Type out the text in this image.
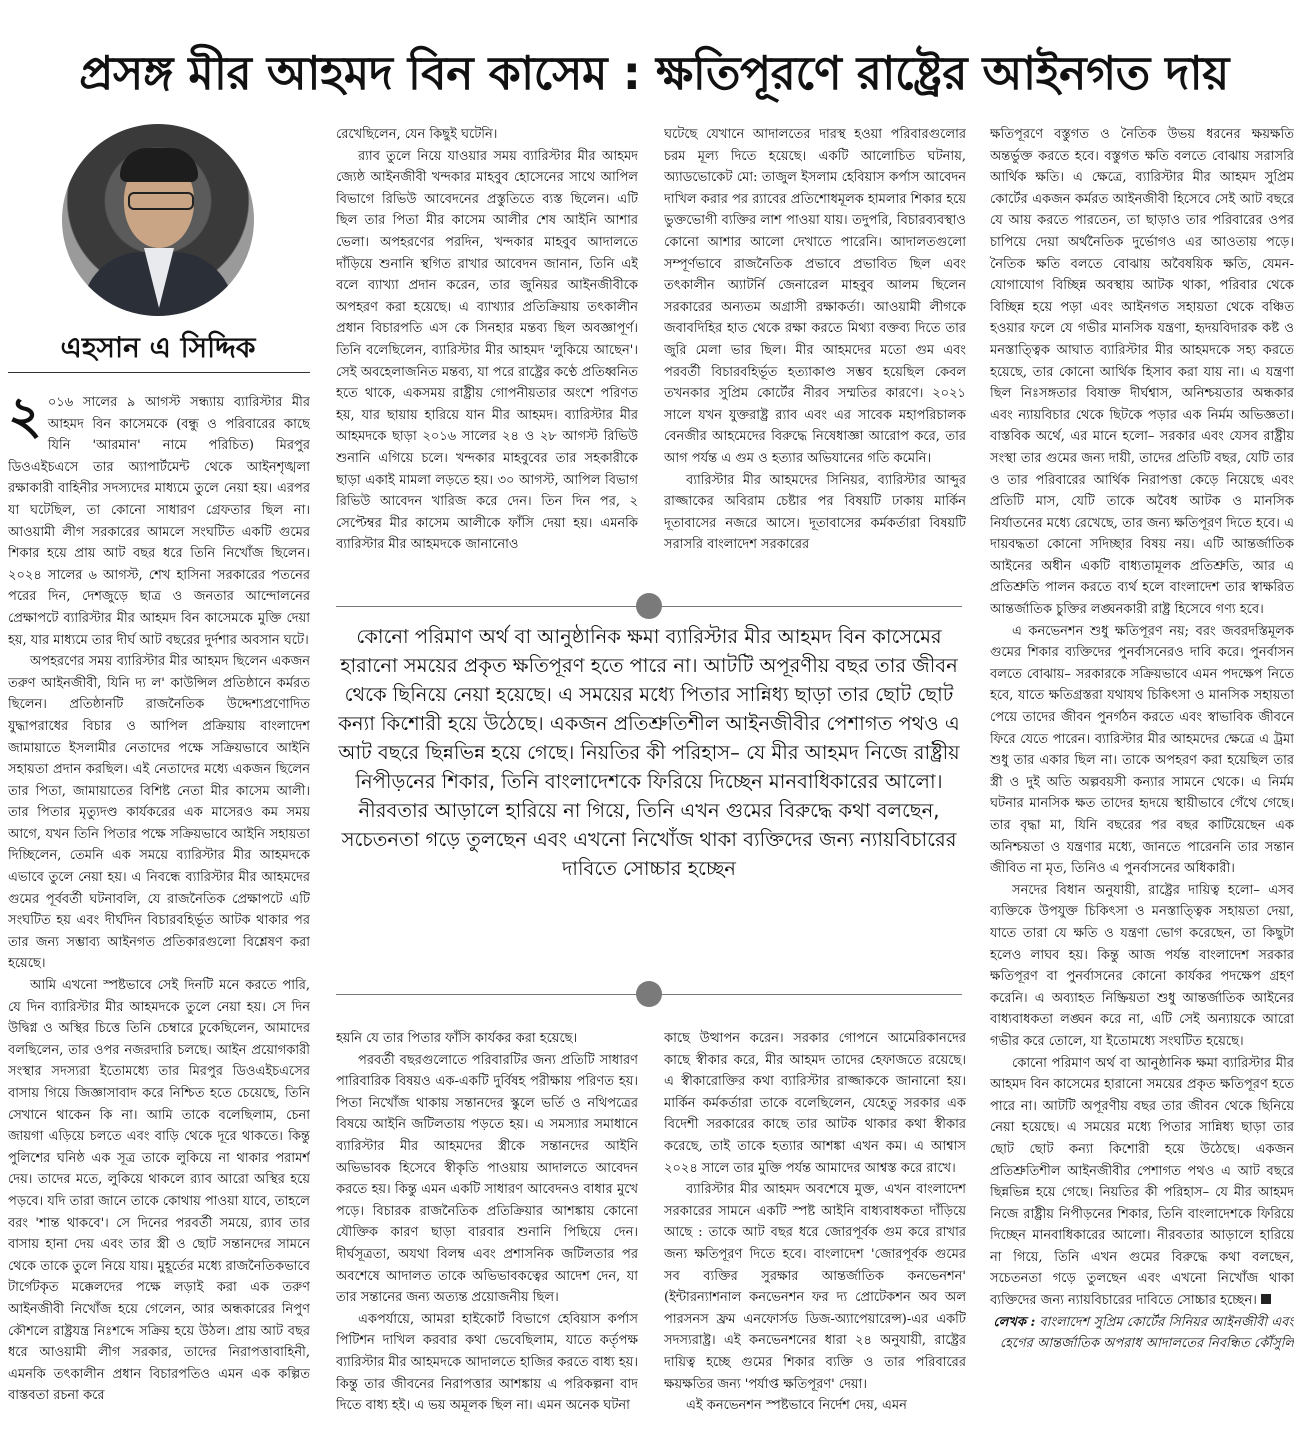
প্রসঙ্গ মীর আহমদ বিন কাসেম : ক্ষতিপূরণে রাষ্ট্রের আইনগত দায়
এহসান এ সিদ্দিক

২ ০১৬ সালের ৯ আগস্ট সন্ধ্যায় ব্যারিস্টার মীর আহমদ বিন কাসেমকে (বন্ধু ও পরিবারের কাছে যিনি 'আরমান' নামে পরিচিত) মিরপুর ডিওএইচএসে তার অ্যাপার্টমেন্ট থেকে আইনশৃঙ্খলা রক্ষাকারী বাহিনীর সদস্যদের মাধ্যমে তুলে নেয়া হয়। এরপর যা ঘটেছিল, তা কোনো সাধারণ গ্রেফতার ছিল না। আওয়ামী লীগ সরকারের আমলে সংঘটিত একটি গুমের শিকার হয়ে প্রায় আট বছর ধরে তিনি নিখোঁজ ছিলেন। ২০২৪ সালের ৬ আগস্ট, শেখ হাসিনা সরকারের পতনের পরের দিন, দেশজুড়ে ছাত্র ও জনতার আন্দোলনের প্রেক্ষাপটে ব্যারিস্টার মীর আহমদ বিন কাসেমকে মুক্তি দেয়া হয়, যার মাধ্যমে তার দীর্ঘ আট বছরের দুর্দশার অবসান ঘটে।

অপহরণের সময় ব্যারিস্টার মীর আহমদ ছিলেন একজন তরুণ আইনজীবী, যিনি দ্য ল' কাউন্সিল প্রতিষ্ঠানে কর্মরত ছিলেন। প্রতিষ্ঠানটি রাজনৈতিক উদ্দেশ্যপ্রণোদিত যুদ্ধাপরাধের বিচার ও আপিল প্রক্রিয়ায় বাংলাদেশ জামায়াতে ইসলামীর নেতাদের পক্ষে সক্রিয়ভাবে আইনি সহায়তা প্রদান করছিল। এই নেতাদের মধ্যে একজন ছিলেন তার পিতা, জামায়াতের বিশিষ্ট নেতা মীর কাসেম আলী। তার পিতার মৃত্যুদণ্ড কার্যকরের এক মাসেরও কম সময় আগে, যখন তিনি পিতার পক্ষে সক্রিয়ভাবে আইনি সহায়তা দিচ্ছিলেন, তেমনি এক সময়ে ব্যারিস্টার মীর আহমদকে এভাবে তুলে নেয়া হয়। এ নিবন্ধে ব্যারিস্টার মীর আহমদের গুমের পূর্ববর্তী ঘটনাবলি, যে রাজনৈতিক প্রেক্ষাপটে এটি সংঘটিত হয় এবং দীর্ঘদিন বিচারবহির্ভূত আটক থাকার পর তার জন্য সম্ভাব্য আইনগত প্রতিকারগুলো বিশ্লেষণ করা হয়েছে।

আমি এখনো স্পষ্টভাবে সেই দিনটি মনে করতে পারি, যে দিন ব্যারিস্টার মীর আহমদকে তুলে নেয়া হয়। সে দিন উদ্বিগ্ন ও অস্থির চিত্তে তিনি চেম্বারে ঢুকেছিলেন, আমাদের বলছিলেন, তার ওপর নজরদারি চলছে। আইন প্রয়োগকারী সংস্থার সদস্যরা ইতোমধ্যে তার মিরপুর ডিওএইচএসের বাসায় গিয়ে জিজ্ঞাসাবাদ করে নিশ্চিত হতে চেয়েছে, তিনি সেখানে থাকেন কি না। আমি তাকে বলেছিলাম, চেনা জায়গা এড়িয়ে চলতে এবং বাড়ি থেকে দূরে থাকতে। কিন্তু পুলিশের ঘনিষ্ঠ এক সূত্র তাকে লুকিয়ে না থাকার পরামর্শ দেয়। তাদের মতে, লুকিয়ে থাকলে র‍্যাব আরো অস্থির হয়ে পড়বে। যদি তারা জানে তাকে কোথায় পাওয়া যাবে, তাহলে বরং 'শান্ত থাকবে'। সে দিনের পরবর্তী সময়ে, র‍্যাব তার বাসায় হানা দেয় এবং তার স্ত্রী ও ছোট সন্তানদের সামনে থেকে তাকে তুলে নিয়ে যায়। মুহূর্তের মধ্যে রাজনৈতিকভাবে টার্গেটকৃত মক্কেলদের পক্ষে লড়াই করা এক তরুণ আইনজীবী নিখোঁজ হয়ে গেলেন, আর অন্ধকারের নিপুণ কৌশলে রাষ্ট্রযন্ত্র নিঃশব্দে সক্রিয় হয়ে উঠল। প্রায় আট বছর ধরে আওয়ামী লীগ সরকার, তাদের নিরাপত্তাবাহিনী, এমনকি তৎকালীন প্রধান বিচারপতিও এমন এক কল্পিত বাস্তবতা রচনা করে

রেখেছিলেন, যেন কিছুই ঘটেনি।

র‍্যাব তুলে নিয়ে যাওয়ার সময় ব্যারিস্টার মীর আহমদ জ্যেষ্ঠ আইনজীবী খন্দকার মাহবুব হোসেনের সাথে আপিল বিভাগে রিভিউ আবেদনের প্রস্তুতিতে ব্যস্ত ছিলেন। এটি ছিল তার পিতা মীর কাসেম আলীর শেষ আইনি আশার ভেলা। অপহরণের পরদিন, খন্দকার মাহবুব আদালতে দাঁড়িয়ে শুনানি স্থগিত রাখার আবেদন জানান, তিনি এই বলে ব্যাখ্যা প্রদান করেন, তার জুনিয়র আইনজীবীকে অপহরণ করা হয়েছে। এ ব্যাখ্যার প্রতিক্রিয়ায় তৎকালীন প্রধান বিচারপতি এস কে সিনহার মন্তব্য ছিল অবজ্ঞাপূর্ণ। তিনি বলেছিলেন, ব্যারিস্টার মীর আহমদ 'লুকিয়ে আছেন'। সেই অবহেলাজনিত মন্তব্য, যা পরে রাষ্ট্রের কণ্ঠে প্রতিধ্বনিত হতে থাকে, একসময় রাষ্ট্রীয় গোপনীয়তার অংশে পরিণত হয়, যার ছায়ায় হারিয়ে যান মীর আহমদ। ব্যারিস্টার মীর আহমদকে ছাড়া ২০১৬ সালের ২৪ ও ২৮ আগস্ট রিভিউ শুনানি এগিয়ে চলে। খন্দকার মাহবুবের তার সহকারীকে ছাড়া একাই মামলা লড়তে হয়। ৩০ আগস্ট, আপিল বিভাগ রিভিউ আবেদন খারিজ করে দেন। তিন দিন পর, ২ সেপ্টেম্বর মীর কাসেম আলীকে ফাঁসি দেয়া হয়। এমনকি ব্যারিস্টার মীর আহমদকে জানানোও

ঘটেছে যেখানে আদালতের দারস্থ হওয়া পরিবারগুলোর চরম মূল্য দিতে হয়েছে। একটি আলোচিত ঘটনায়, অ্যাডভোকেট মো: তাজুল ইসলাম হেবিয়াস কর্পাস আবেদন দাখিল করার পর র‍্যাবের প্রতিশোধমূলক হামলার শিকার হয়ে ভুক্তভোগী ব্যক্তির লাশ পাওয়া যায়। তদুপরি, বিচারব্যবস্থাও কোনো আশার আলো দেখাতে পারেনি। আদালতগুলো সম্পূর্ণভাবে রাজনৈতিক প্রভাবে প্রভাবিত ছিল এবং তৎকালীন অ্যাটর্নি জেনারেল মাহবুব আলম ছিলেন সরকারের অন্যতম অগ্রাসী রক্ষাকর্তা। আওয়ামী লীগকে জবাবদিহির হাত থেকে রক্ষা করতে মিথ্যা বক্তব্য দিতে তার জুরি মেলা ভার ছিল। মীর আহমদের মতো গুম এবং পরবর্তী বিচারবহির্ভূত হত্যাকাণ্ড সম্ভব হয়েছিল কেবল তখনকার সুপ্রিম কোর্টের নীরব সম্মতির কারণে। ২০২১ সালে যখন যুক্তরাষ্ট্র র‍্যাব এবং এর সাবেক মহাপরিচালক বেনজীর আহমেদের বিরুদ্ধে নিষেধাজ্ঞা আরোপ করে, তার আগ পর্যন্ত এ গুম ও হত্যার অভিযানের গতি কমেনি।

ব্যারিস্টার মীর আহমদের সিনিয়র, ব্যারিস্টার আব্দুর রাজ্জাকের অবিরাম চেষ্টার পর বিষয়টি ঢাকায় মার্কিন দূতাবাসের নজরে আসে। দূতাবাসের কর্মকর্তারা বিষয়টি সরাসরি বাংলাদেশ সরকারের

কোনো পরিমাণ অর্থ বা আনুষ্ঠানিক ক্ষমা ব্যারিস্টার মীর আহমদ বিন কাসেমের হারানো সময়ের প্রকৃত ক্ষতিপূরণ হতে পারে না। আটটি অপূরণীয় বছর তার জীবন থেকে ছিনিয়ে নেয়া হয়েছে। এ সময়ের মধ্যে পিতার সান্নিধ্য ছাড়া তার ছোট ছোট কন্যা কিশোরী হয়ে উঠেছে। একজন প্রতিশ্রুতিশীল আইনজীবীর পেশাগত পথও এ আট বছরে ছিন্নভিন্ন হয়ে গেছে। নিয়তির কী পরিহাস– যে মীর আহমদ নিজে রাষ্ট্রীয় নিপীড়নের শিকার, তিনি বাংলাদেশকে ফিরিয়ে দিচ্ছেন মানবাধিকারের আলো। নীরবতার আড়ালে হারিয়ে না গিয়ে, তিনি এখন গুমের বিরুদ্ধে কথা বলছেন, সচেতনতা গড়ে তুলছেন এবং এখনো নিখোঁজ থাকা ব্যক্তিদের জন্য ন্যায়বিচারের দাবিতে সোচ্চার হচ্ছেন

হয়নি যে তার পিতার ফাঁসি কার্যকর করা হয়েছে।

পরবর্তী বছরগুলোতে পরিবারটির জন্য প্রতিটি সাধারণ পারিবারিক বিষয়ও এক-একটি দুর্বিষহ পরীক্ষায় পরিণত হয়। পিতা নিখোঁজ থাকায় সন্তানদের স্কুলে ভর্তি ও নথিপত্রের বিষয়ে আইনি জটিলতায় পড়তে হয়। এ সমস্যার সমাধানে ব্যারিস্টার মীর আহমদের স্ত্রীকে সন্তানদের আইনি অভিভাবক হিসেবে স্বীকৃতি পাওয়ায় আদালতে আবেদন করতে হয়। কিন্তু এমন একটি সাধারণ আবেদনও বাধার মুখে পড়ে। বিচারক রাজনৈতিক প্রতিক্রিয়ার আশঙ্কায় কোনো যৌক্তিক কারণ ছাড়া বারবার শুনানি পিছিয়ে দেন। দীর্ঘসূত্রতা, অযথা বিলম্ব এবং প্রশাসনিক জটিলতার পর অবশেষে আদালত তাকে অভিভাবকত্বের আদেশ দেন, যা তার সন্তানের জন্য অত্যন্ত প্রয়োজনীয় ছিল।

একপর্যায়ে, আমরা হাইকোর্ট বিভাগে হেবিয়াস কর্পাস পিটিশন দাখিল করবার কথা ভেবেছিলাম, যাতে কর্তৃপক্ষ ব্যারিস্টার মীর আহমদকে আদালতে হাজির করতে বাধ্য হয়। কিন্তু তার জীবনের নিরাপত্তার আশঙ্কায় এ পরিকল্পনা বাদ দিতে বাধ্য হই। এ ভয় অমূলক ছিল না। এমন অনেক ঘটনা

কাছে উত্থাপন করেন। সরকার গোপনে আমেরিকানদের কাছে স্বীকার করে, মীর আহমদ তাদের হেফাজতে রয়েছে। এ স্বীকারোক্তির কথা ব্যারিস্টার রাজ্জাককে জানানো হয়। মার্কিন কর্মকর্তারা তাকে বলেছিলেন, যেহেতু সরকার এক বিদেশী সরকারের কাছে তার আটক থাকার কথা স্বীকার করেছে, তাই তাকে হত্যার আশঙ্কা এখন কম। এ আশ্বাস ২০২৪ সালে তার মুক্তি পর্যন্ত আমাদের আশ্বস্ত করে রাখে।

ব্যারিস্টার মীর আহমদ অবশেষে মুক্ত, এখন বাংলাদেশ সরকারের সামনে একটি স্পষ্ট আইনি বাধ্যবাধকতা দাঁড়িয়ে আছে : তাকে আট বছর ধরে জোরপূর্বক গুম করে রাখার জন্য ক্ষতিপূরণ দিতে হবে। বাংলাদেশ 'জোরপূর্বক গুমের সব ব্যক্তির সুরক্ষার আন্তর্জাতিক কনভেনশন' (ইন্টারন্যাশনাল কনভেনশন ফর দ্য প্রোটেকশন অব অল পারসনস ফ্রম এনফোর্সড ডিজ-অ্যাপেয়ারেন্স)-এর একটি সদস্যরাষ্ট্র। এই কনভেনশনের ধারা ২৪ অনুযায়ী, রাষ্ট্রের দায়িত্ব হচ্ছে গুমের শিকার ব্যক্তি ও তার পরিবারের ক্ষয়ক্ষতির জন্য 'পর্যাপ্ত ক্ষতিপূরণ' দেয়া।

এই কনভেনশন স্পষ্টভাবে নির্দেশ দেয়, এমন

ক্ষতিপূরণে বস্তুগত ও নৈতিক উভয় ধরনের ক্ষয়ক্ষতি অন্তর্ভুক্ত করতে হবে। বস্তুগত ক্ষতি বলতে বোঝায় সরাসরি আর্থিক ক্ষতি। এ ক্ষেত্রে, ব্যারিস্টার মীর আহমদ সুপ্রিম কোর্টের একজন কর্মরত আইনজীবী হিসেবে সেই আট বছরে যে আয় করতে পারতেন, তা ছাড়াও তার পরিবারের ওপর চাপিয়ে দেয়া অর্থনৈতিক দুর্ভোগও এর আওতায় পড়ে। নৈতিক ক্ষতি বলতে বোঝায় অবৈষয়িক ক্ষতি, যেমন- যোগাযোগ বিচ্ছিন্ন অবস্থায় আটক থাকা, পরিবার থেকে বিচ্ছিন্ন হয়ে পড়া এবং আইনগত সহায়তা থেকে বঞ্চিত হওয়ার ফলে যে গভীর মানসিক যন্ত্রণা, হৃদয়বিদারক কষ্ট ও মনস্তাত্ত্বিক আঘাত ব্যারিস্টার মীর আহমদকে সহ্য করতে হয়েছে, তার কোনো আর্থিক হিসাব করা যায় না। এ যন্ত্রণা ছিল নিঃসঙ্গতার বিষাক্ত দীর্ঘশ্বাস, অনিশ্চয়তার অন্ধকার এবং ন্যায়বিচার থেকে ছিটকে পড়ার এক নির্মম অভিজ্ঞতা। বাস্তবিক অর্থে, এর মানে হলো– সরকার এবং যেসব রাষ্ট্রীয় সংস্থা তার গুমের জন্য দায়ী, তাদের প্রতিটি বছর, যেটি তার ও তার পরিবারের আর্থিক নিরাপত্তা কেড়ে নিয়েছে এবং প্রতিটি মাস, যেটি তাকে অবৈধ আটক ও মানসিক নির্যাতনের মধ্যে রেখেছে, তার জন্য ক্ষতিপূরণ দিতে হবে। এ দায়বদ্ধতা কোনো সদিচ্ছার বিষয় নয়। এটি আন্তর্জাতিক আইনের অধীন একটি বাধ্যতামূলক প্রতিশ্রুতি, আর এ প্রতিশ্রুতি পালন করতে ব্যর্থ হলে বাংলাদেশ তার স্বাক্ষরিত আন্তর্জাতিক চুক্তির লঙ্ঘনকারী রাষ্ট্র হিসেবে গণ্য হবে।

এ কনভেনশন শুধু ক্ষতিপূরণ নয়; বরং জবরদস্তিমূলক গুমের শিকার ব্যক্তিদের পুনর্বাসনেরও দাবি করে। পুনর্বাসন বলতে বোঝায়– সরকারকে সক্রিয়ভাবে এমন পদক্ষেপ নিতে হবে, যাতে ক্ষতিগ্রস্তরা যথাযথ চিকিৎসা ও মানসিক সহায়তা পেয়ে তাদের জীবন পুনর্গঠন করতে এবং স্বাভাবিক জীবনে ফিরে যেতে পারেন। ব্যারিস্টার মীর আহমদের ক্ষেত্রে এ ট্রমা শুধু তার একার ছিল না। তাকে অপহরণ করা হয়েছিল তার স্ত্রী ও দুই অতি অল্পবয়সী কন্যার সামনে থেকে। এ নির্মম ঘটনার মানসিক ক্ষত তাদের হৃদয়ে স্থায়ীভাবে গেঁথে গেছে। তার বৃদ্ধা মা, যিনি বছরের পর বছর কাটিয়েছেন এক অনিশ্চয়তা ও যন্ত্রণার মধ্যে, জানতে পারেননি তার সন্তান জীবিত না মৃত, তিনিও এ পুনর্বাসনের অধিকারী।

সনদের বিধান অনুযায়ী, রাষ্ট্রের দায়িত্ব হলো– এসব ব্যক্তিকে উপযুক্ত চিকিৎসা ও মনস্তাত্ত্বিক সহায়তা দেয়া, যাতে তারা যে ক্ষতি ও যন্ত্রণা ভোগ করেছেন, তা কিছুটা হলেও লাঘব হয়। কিন্তু আজ পর্যন্ত বাংলাদেশ সরকার ক্ষতিপূরণ বা পুনর্বাসনের কোনো কার্যকর পদক্ষেপ গ্রহণ করেনি। এ অব্যাহত নিষ্ক্রিয়তা শুধু আন্তর্জাতিক আইনের বাধ্যবাধকতা লঙ্ঘন করে না, এটি সেই অন্যায়কে আরো গভীর করে তোলে, যা ইতোমধ্যে সংঘটিত হয়েছে।

কোনো পরিমাণ অর্থ বা আনুষ্ঠানিক ক্ষমা ব্যারিস্টার মীর আহমদ বিন কাসেমের হারানো সময়ের প্রকৃত ক্ষতিপূরণ হতে পারে না। আটটি অপূরণীয় বছর তার জীবন থেকে ছিনিয়ে নেয়া হয়েছে। এ সময়ের মধ্যে পিতার সান্নিধ্য ছাড়া তার ছোট ছোট কন্যা কিশোরী হয়ে উঠেছে। একজন প্রতিশ্রুতিশীল আইনজীবীর পেশাগত পথও এ আট বছরে ছিন্নভিন্ন হয়ে গেছে। নিয়তির কী পরিহাস– যে মীর আহমদ নিজে রাষ্ট্রীয় নিপীড়নের শিকার, তিনি বাংলাদেশকে ফিরিয়ে দিচ্ছেন মানবাধিকারের আলো। নীরবতার আড়ালে হারিয়ে না গিয়ে, তিনি এখন গুমের বিরুদ্ধে কথা বলছেন, সচেতনতা গড়ে তুলছেন এবং এখনো নিখোঁজ থাকা ব্যক্তিদের জন্য ন্যায়বিচারের দাবিতে সোচ্চার হচ্ছেন।

লেখক : বাংলাদেশ সুপ্রিম কোর্টের সিনিয়র আইনজীবী এবং হেগের আন্তর্জাতিক অপরাধ আদালতের নিবন্ধিত কৌঁসুলি
